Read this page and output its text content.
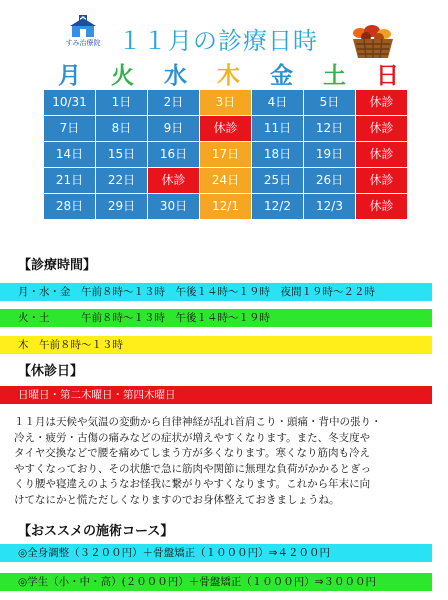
すみ治療院 １１月の診療日時
月	火	水	木	金	土	日
10/31	1日	2日	3日	4日	5日	休診
7日	8日	9日	休診	11日	12日	休診
14日	15日	16日	17日	18日	19日	休診
21日	22日	休診	24日	25日	26日	休診
28日	29日	30日	12/1	12/2	12/3	休診
【診療時間】
月・水・金　午前８時～１３時　午後１４時～１９時　夜間１９時～２２時
火・土　　　午前８時～１３時　午後１４時～１９時
木　午前８時～１３時
【休診日】
日曜日・第二木曜日・第四木曜日
１１月は天候や気温の変動から自律神経が乱れ首肩こり・頭痛・背中の張り・
冷え・疲労・古傷の痛みなどの症状が増えやすくなります。また、冬支度や
タイヤ交換などで腰を痛めてしまう方が多くなります。寒くなり筋肉も冷え
やすくなっており、その状態で急に筋肉や関節に無理な負荷がかかるとぎっ
くり腰や寝違えのようなお怪我に繋がりやすくなります。これから年末に向
けてなにかと慌ただしくなりますのでお身体整えておきましょうね。
【おススメの施術コース】
◎全身調整（３２００円）＋骨盤矯正（１０００円）⇒４２００円
◎学生（小・中・高）(２０００円）＋骨盤矯正（１０００円）⇒３０００円
